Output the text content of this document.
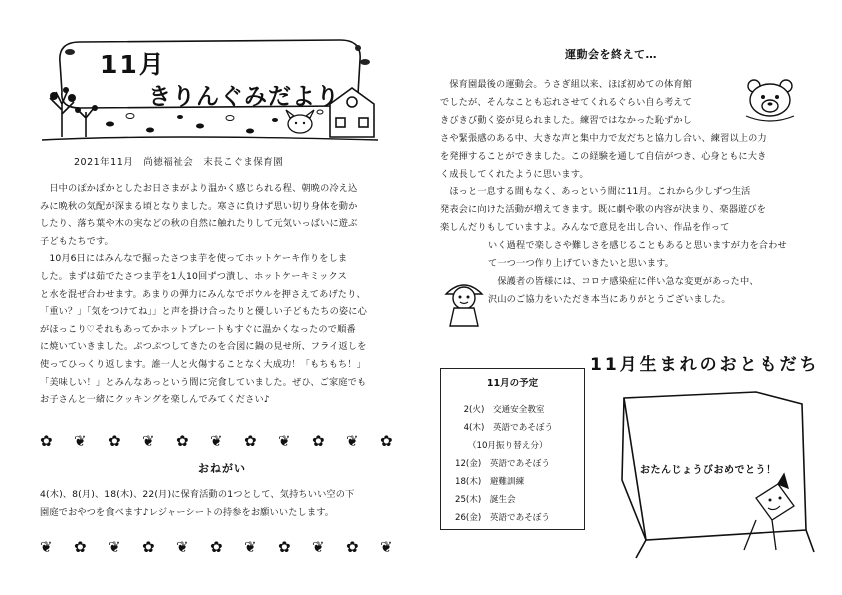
11月
きりんぐみだより
2021年11月　尚徳福祉会　末長こぐま保育園

　日中のぽかぽかとしたお日さまがより温かく感じられる程、朝晩の冷え込

みに晩秋の気配が深まる頃となりました。寒さに負けず思い切り身体を動か

したり、落ち葉や木の実などの秋の自然に触れたりして元気いっぱいに遊ぶ

子どもたちです。

　10月6日にはみんなで掘ったさつま芋を使ってホットケーキ作りをしま

した。まずは茹でたさつま芋を1人10回ずつ潰し、ホットケーキミックス

と水を混ぜ合わせます。あまりの弾力にみんなでボウルを押さえてあげたり、

「重い？」「気をつけてね」」と声を掛け合ったりと優しい子どもたちの姿に心

がほっこり♡それもあってかホットプレートもすぐに温かくなったので順番

に焼いていきました。ぷつぷつしてきたのを合図に鍋の見せ所、フライ返しを

使ってひっくり返します。誰一人と火傷することなく大成功！「もちもち！」

「美味しい！」とみんなあっという間に完食していました。ぜひ、ご家庭でも

お子さんと一緒にクッキングを楽しんでみてください♪

✿ ❦ ✿ ❦ ✿ ❦ ✿ ❦ ✿ ❦ ✿
おねがい

4(木)、8(月)、18(木)、22(月)に保育活動の1つとして、気持ちいい空の下

園庭でおやつを食べます♪レジャーシートの持参をお願いいたします。

❦ ✿ ❦ ✿ ❦ ✿ ❦ ✿ ❦ ✿ ❦
運動会を終えて…

　保育園最後の運動会。うさぎ組以来、ほぼ初めての体育館

でしたが、そんなことも忘れさせてくれるぐらい自ら考えて

きびきび動く姿が見られました。練習ではなかった恥ずかし

さや緊張感のある中、大きな声と集中力で友だちと協力し合い、練習以上の力

を発揮することができました。この経験を通して自信がつき、心身ともに大き

く成長してくれたように思います。

　ほっと一息する間もなく、あっという間に11月。これから少しずつ生活

発表会に向けた活動が増えてきます。既に劇や歌の内容が決まり、楽器遊びを

楽しんだりもしていますよ。みんなで意見を出し合い、作品を作って

いく過程で楽しさや難しさを感じることもあると思いますが力を合わせ

て一つ一つ作り上げていきたいと思います。

　保護者の皆様には、コロナ感染症に伴い急な変更があった中、

沢山のご協力をいただき本当にありがとうございました。

11月の予定
　2(火)　交通安全教室
　4(木)　英語であそぼう
　　（10月振り替え分）
12(金)　英語であそぼう
18(木)　避難訓練
25(木)　誕生会
26(金)　英語であそぼう
11月生まれのおともだち
おたんじょうびおめでとう！
